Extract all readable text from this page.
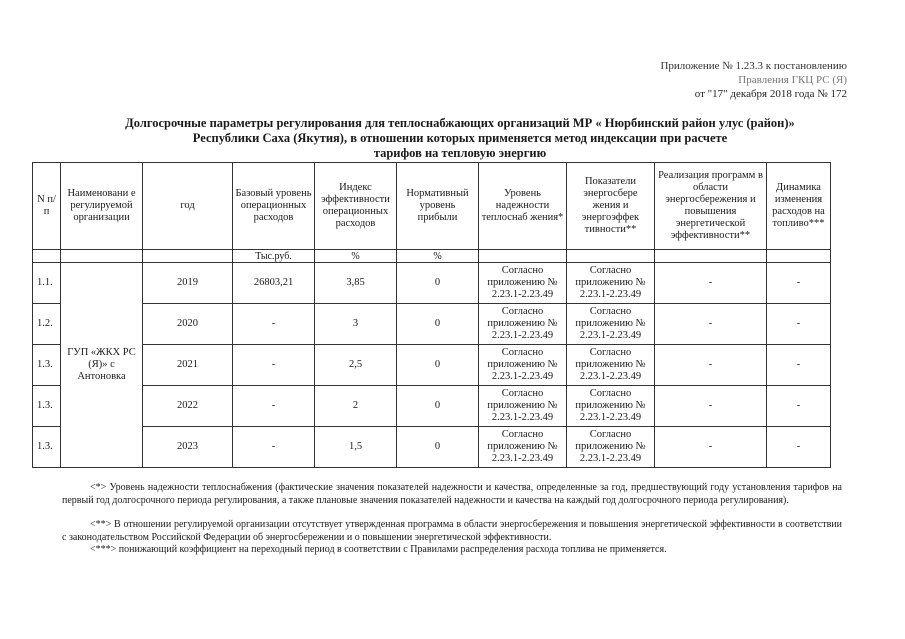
Приложение № 1.23.3 к постановлению
Правления ГКЦ РС (Я)
от "17" декабря 2018 года № 172
Долгосрочные параметры регулирования для теплоснабжающих организаций МР « Нюрбинский район улус (район)»
Республики Саха (Якутия), в отношении которых применяется метод индексации при расчете
тарифов на тепловую энергию
N п/п	Наименовани е регулируемой организации	год	Базовый уровень операционных расходов	Индекс эффективности операционных расходов	Нормативный уровень прибыли	Уровень надежности теплоснаб жения*	Показатели энергосбере жения и энергоэффек тивности**	Реализация программ в области энергосбережения и повышения энергетической эффективности**	Динамика изменения расходов на топливо***
			Тыс.руб.	%	%				
1.1.	ГУП «ЖКХ РС (Я)» с Антоновка	2019	26803,21	3,85	0	Согласно приложению № 2.23.1-2.23.49	Согласно приложению № 2.23.1-2.23.49	-	-
1.2.		2020	-	3	0	Согласно приложению № 2.23.1-2.23.49	Согласно приложению № 2.23.1-2.23.49	-	-
1.3.		2021	-	2,5	0	Согласно приложению № 2.23.1-2.23.49	Согласно приложению № 2.23.1-2.23.49	-	-
1.3.		2022	-	2	0	Согласно приложению № 2.23.1-2.23.49	Согласно приложению № 2.23.1-2.23.49	-	-
1.3.		2023	-	1,5	0	Согласно приложению № 2.23.1-2.23.49	Согласно приложению № 2.23.1-2.23.49	-	-
<*> Уровень надежности теплоснабжения (фактические значения показателей надежности и качества, определенные за год, предшествующий году установления тарифов на первый год долгосрочного периода регулирования, а также плановые значения показателей надежности и качества на каждый год долгосрочного периода регулирования).
<**> В отношении регулируемой организации отсутствует утвержденная программа в области энергосбережения и повышения энергетической эффективности в соответствии с законодательством Российской Федерации об энергосбережении и о повышении энергетической эффективности.
<***> понижающий коэффициент на переходный период в соответствии с Правилами распределения расхода топлива не применяется.
